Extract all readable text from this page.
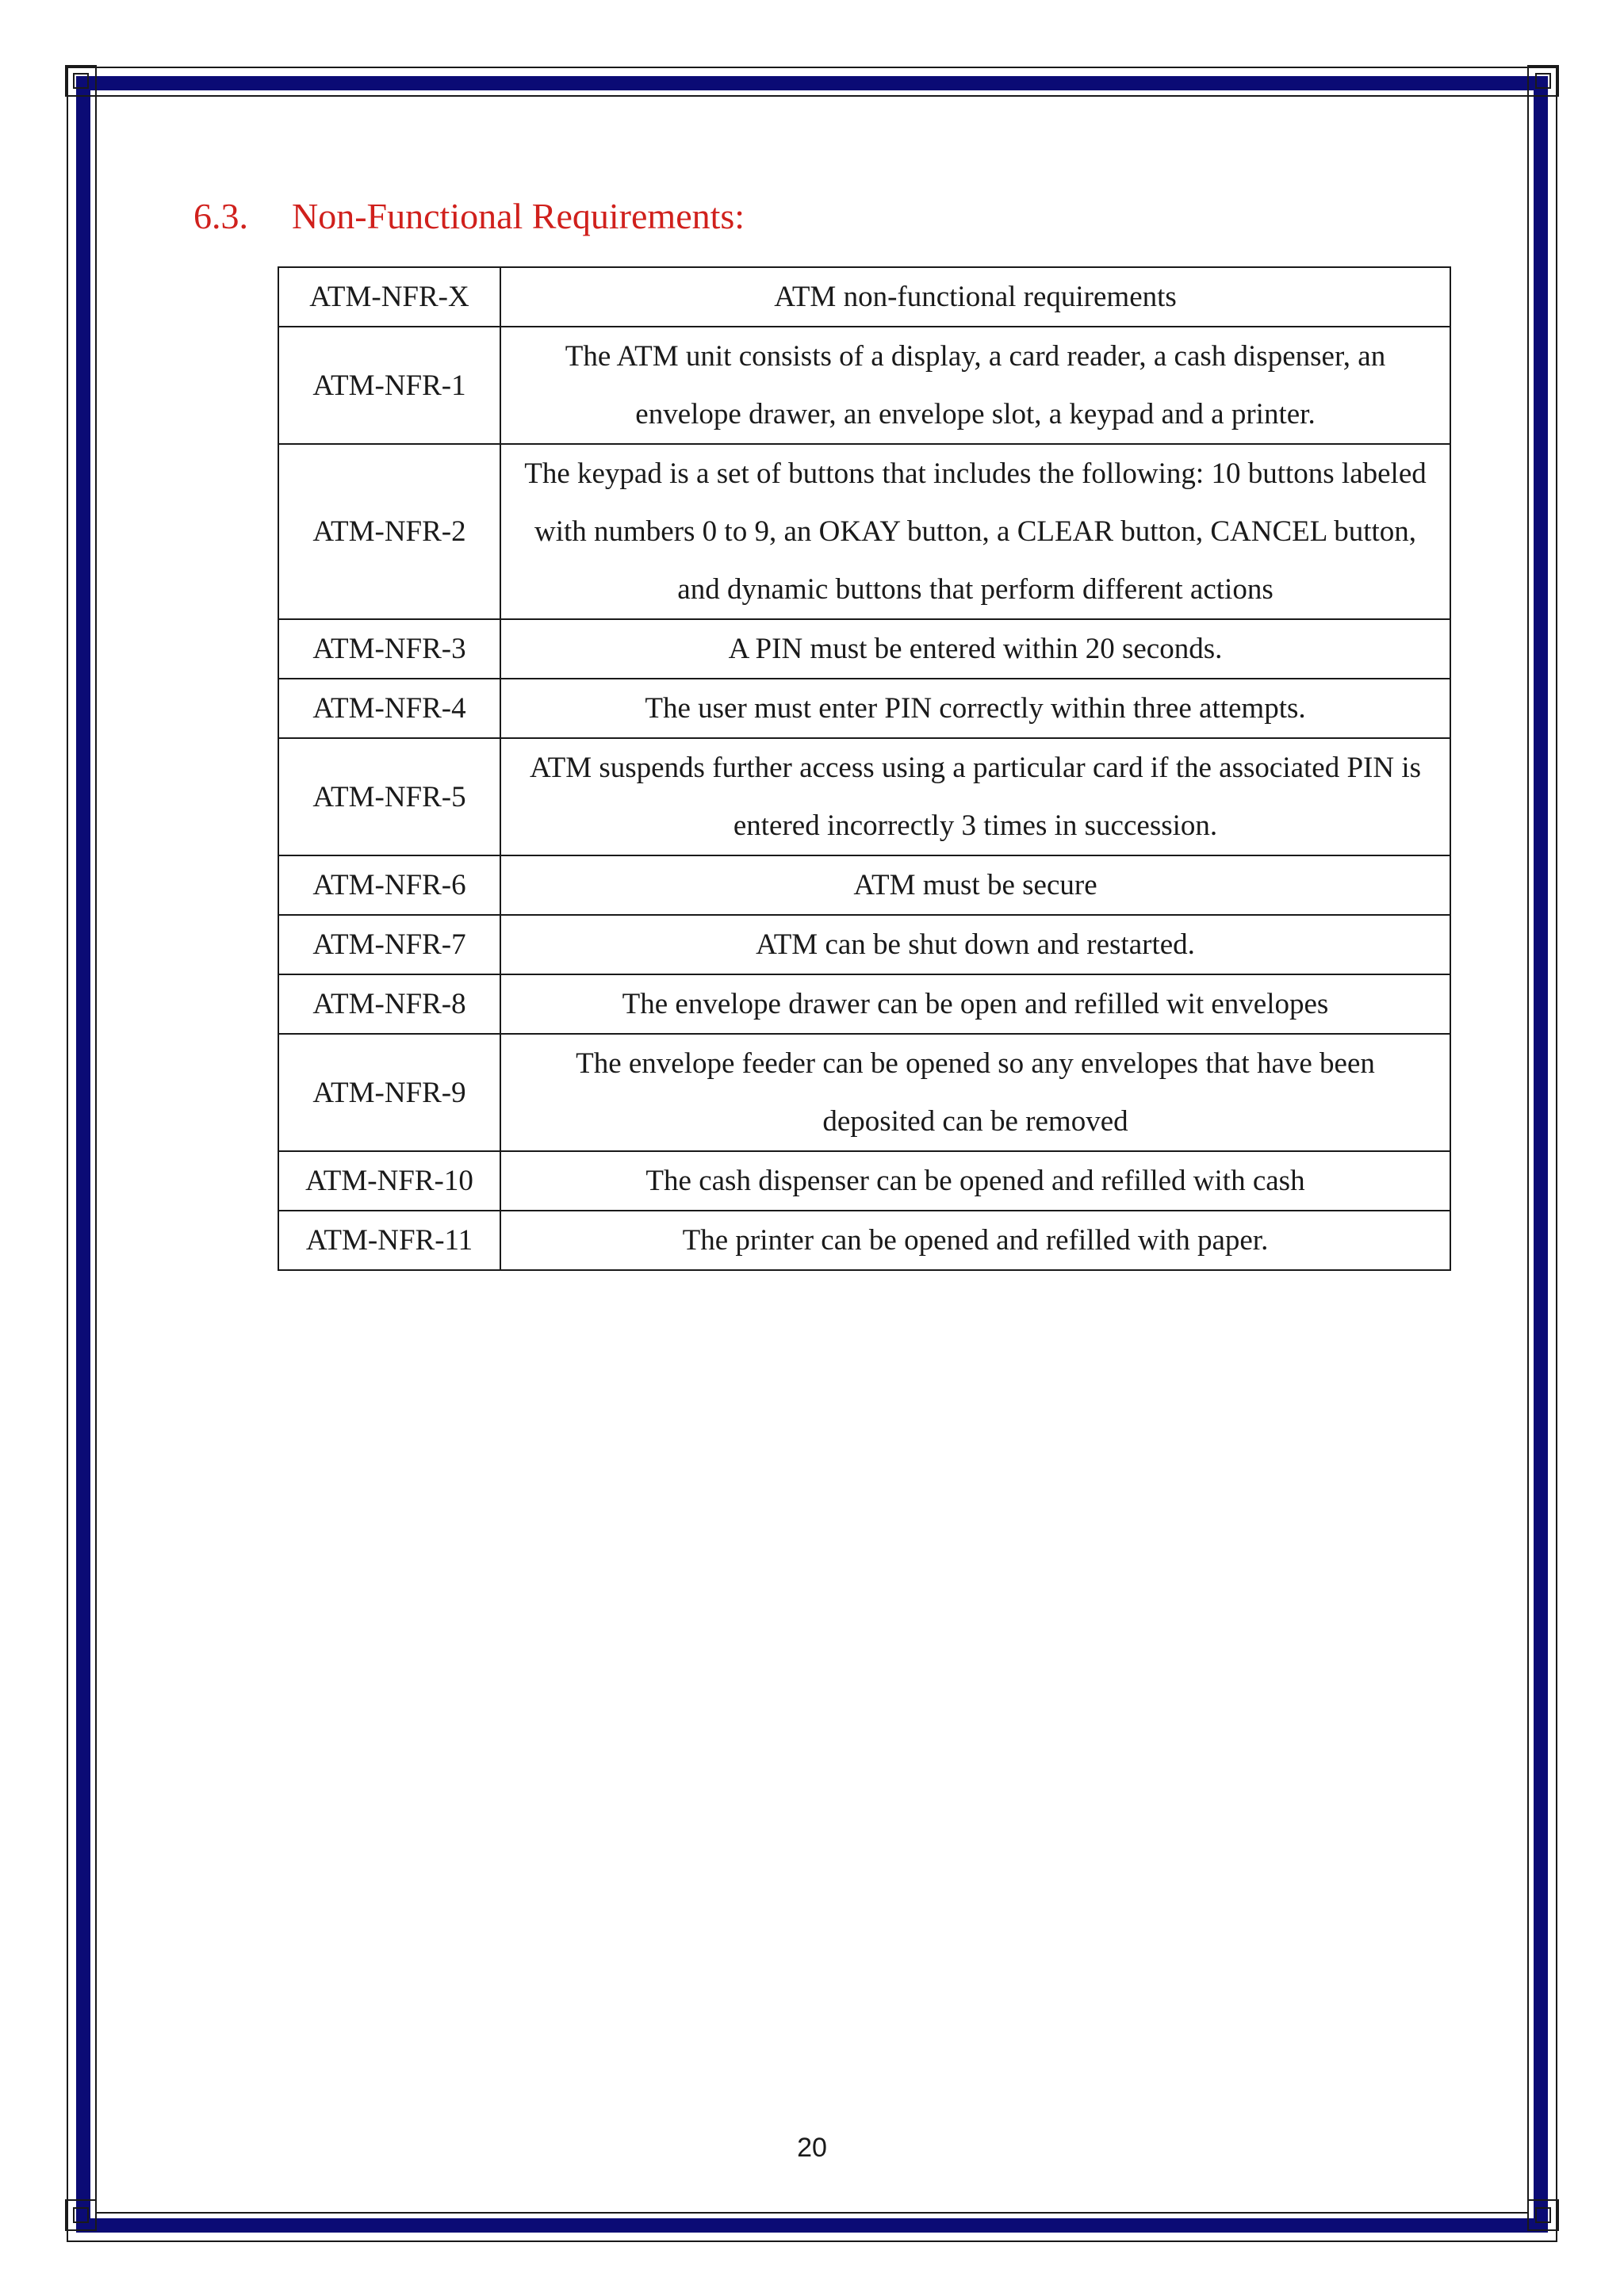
6.3. Non-Functional Requirements:
ATM-NFR-X	ATM non-functional requirements
ATM-NFR-1	The ATM unit consists of a display, a card reader, a cash dispenser, an envelope drawer, an envelope slot, a keypad and a printer.
ATM-NFR-2	The keypad is a set of buttons that includes the following: 10 buttons labeled with numbers 0 to 9, an OKAY button, a CLEAR button, CANCEL button, and dynamic buttons that perform different actions
ATM-NFR-3	A PIN must be entered within 20 seconds.
ATM-NFR-4	The user must enter PIN correctly within three attempts.
ATM-NFR-5	ATM suspends further access using a particular card if the associated PIN is entered incorrectly 3 times in succession.
ATM-NFR-6	ATM must be secure
ATM-NFR-7	ATM can be shut down and restarted.
ATM-NFR-8	The envelope drawer can be open and refilled wit envelopes
ATM-NFR-9	The envelope feeder can be opened so any envelopes that have been deposited can be removed
ATM-NFR-10	The cash dispenser can be opened and refilled with cash
ATM-NFR-11	The printer can be opened and refilled with paper.
20
